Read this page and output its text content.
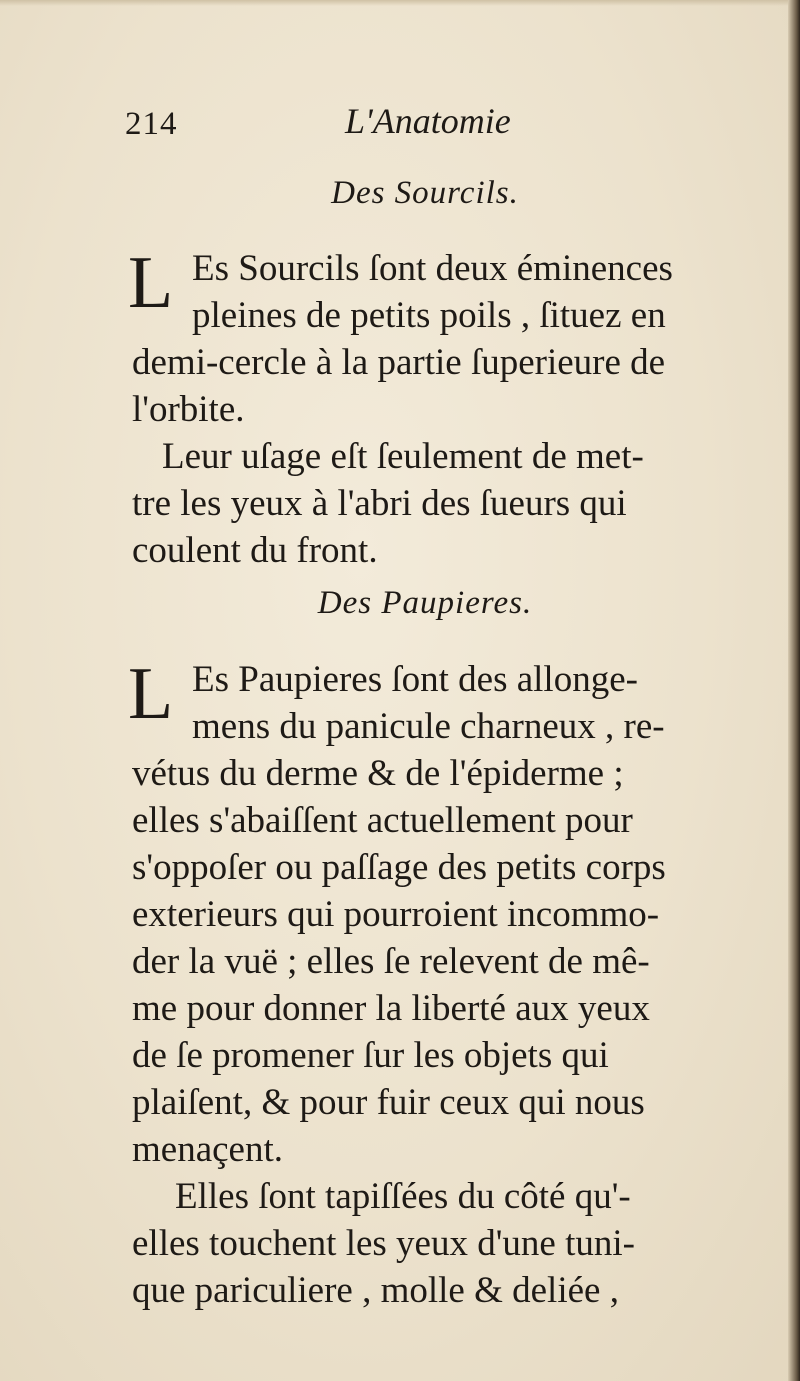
214	L'Anatomie
Des Sourcils.
L Es Sourcils ſont deux éminences
pleines de petits poils , ſituez en
demi-cercle à la partie ſuperieure de
l'orbite.
Leur uſage eſt ſeulement de met-
tre les yeux à l'abri des ſueurs qui
coulent du front.
Des Paupieres.
L Es Paupieres ſont des allonge-
mens du panicule charneux , re-
vétus du derme & de l'épiderme ;
elles s'abaiſſent actuellement pour
s'oppoſer ou paſſage des petits corps
exterieurs qui pourroient incommo-
der la vuë ; elles ſe relevent de mê-
me pour donner la liberté aux yeux
de ſe promener ſur les objets qui
plaiſent, & pour fuir ceux qui nous
menaçent.
Elles ſont tapiſſées du côté qu'-
elles touchent les yeux d'une tuni-
que pariculiere , molle & deliée ,
